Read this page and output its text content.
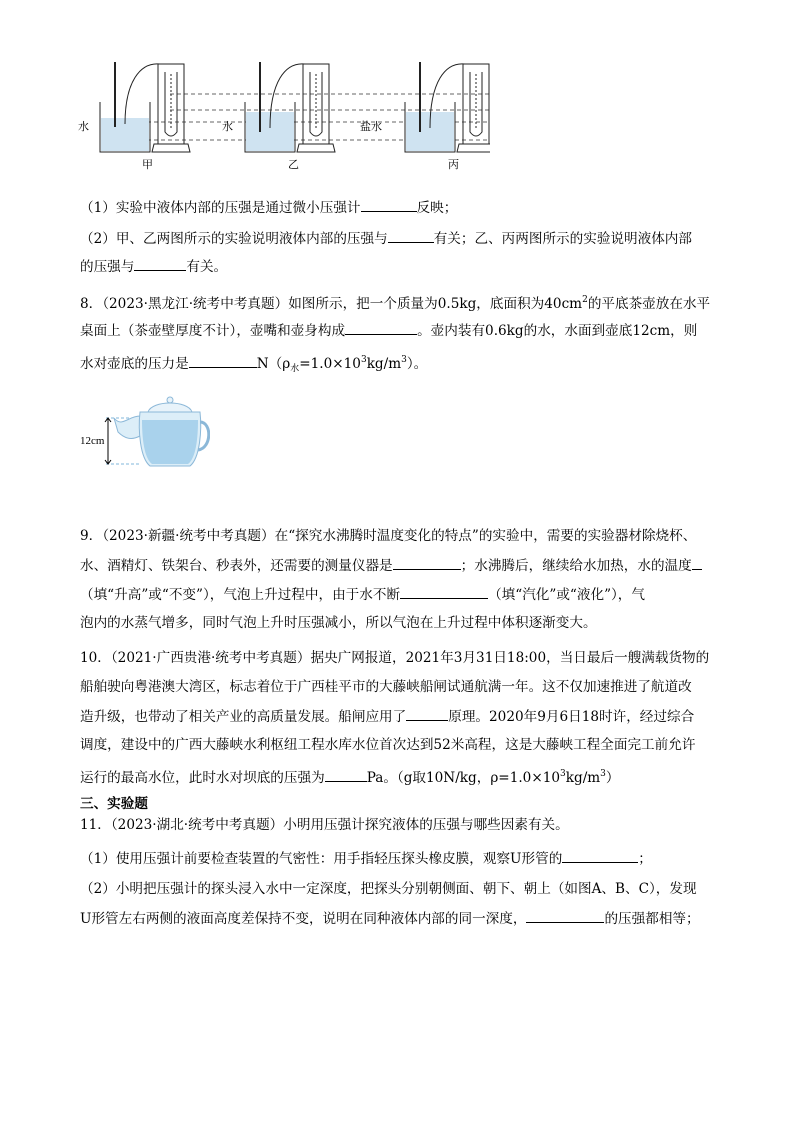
水	水	盐水
甲	乙	丙
（1）实验中液体内部的压强是通过微小压强计	反映；
（2）甲、乙两图所示的实验说明液体内部的压强与	有关；乙、丙两图所示的实验说明液体内部
的压强与	有关。
8．（2023·黑龙江·统考中考真题）如图所示，把一个质量为0.5kg，底面积为$40cm^2$的平底茶壶放在水平
桌面上（茶壶壁厚度不计），壶嘴和壶身构成	。壶内装有0.6kg的水，水面到壶底12cm，则
水对壶底的压力是	$N(\rho_水=1.0\times 10^3kg/m^3)$。
12cm
9．（2023·新疆·统考中考真题）在“探究水沸腾时温度变化的特点”的实验中，需要的实验器材除烧杯、
水、酒精灯、铁架台、秒表外，还需要的测量仪器是	；水沸腾后，继续给水加热，水的温度
（填“升高”或“不变”），气泡上升过程中，由于水不断	（填“汽化”或“液化”），气
泡内的水蒸气增多，同时气泡上升时压强减小，所以气泡在上升过程中体积逐渐变大。
10．（2021·广西贵港·统考中考真题）据央广网报道，2021年3月31日18:00，当日最后一艘满载货物的
船舶驶向粤港澳大湾区，标志着位于广西桂平市的大藤峡船闸试通航满一年。这不仅加速推进了航道改
造升级，也带动了相关产业的高质量发展。船闸应用了	原理。2020年9月6日18时许，经过综合
调度，建设中的广西大藤峡水利枢纽工程水库水位首次达到52米高程，这是大藤峡工程全面完工前允许
运行的最高水位，此时水对坝底的压强为	Pa。（g取10N/kg，$\rho=1.0\times 10^3kg/m^3$）
三、实验题
11．（2023·湖北·统考中考真题）小明用压强计探究液体的压强与哪些因素有关。
（1）使用压强计前要检查装置的气密性：用手指轻压探头橡皮膜，观察U形管的	；
（2）小明把压强计的探头浸入水中一定深度，把探头分别朝侧面、朝下、朝上（如图A、B、C），发现
U形管左右两侧的液面高度差保持不变，说明在同种液体内部的同一深度，	的压强都相等；
